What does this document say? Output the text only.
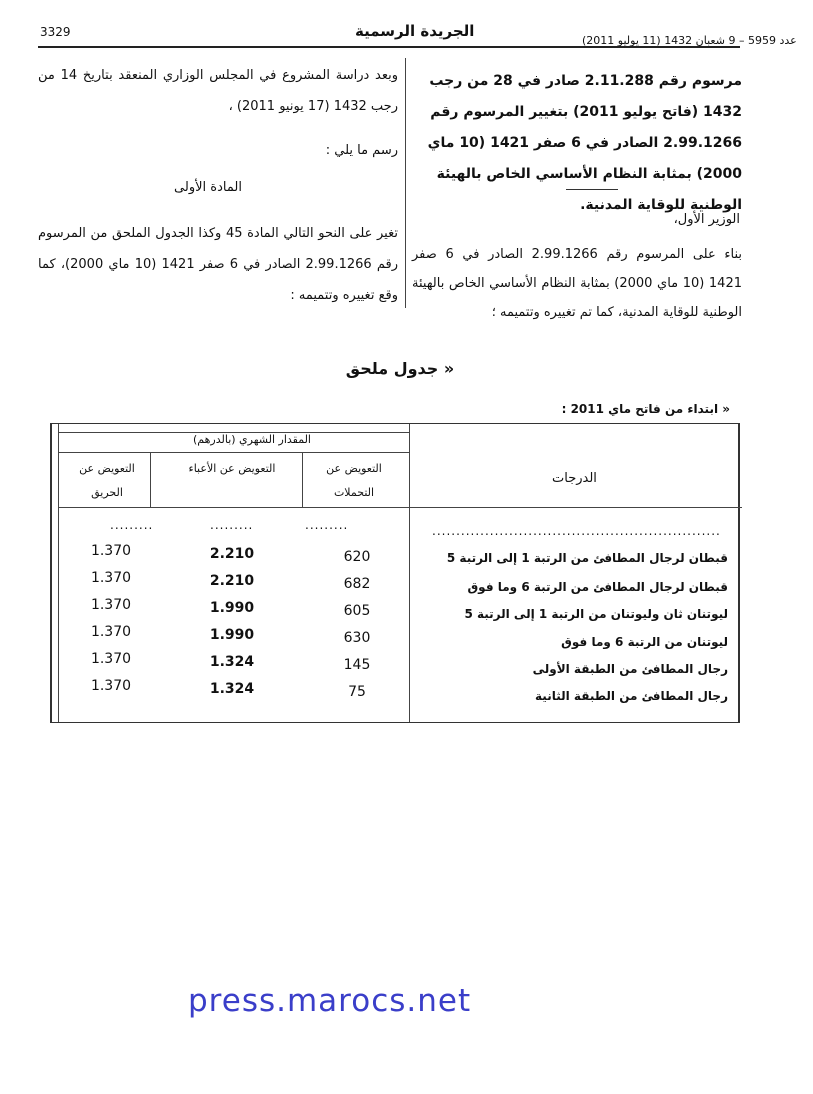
3329	الجريدة الرسمية
عدد 5959 – 9 شعبان 1432 (11 يوليو 2011)
مرسوم رقم 2.11.288 صادر في 28 من رجب 1432 (فاتح يوليو 2011) بتغيير المرسوم رقم 2.99.1266 الصادر في 6 صفر 1421 (10 ماي 2000) بمثابة النظام الأساسي الخاص بالهيئة الوطنية للوقاية المدنية.
الوزير الأول،
بناء على المرسوم رقم 2.99.1266 الصادر في 6 صفر 1421 (10 ماي 2000) بمثابة النظام الأساسي الخاص بالهيئة الوطنية للوقاية المدنية، كما تم تغييره وتتميمه ؛
وبعد دراسة المشروع في المجلس الوزاري المنعقد بتاريخ 14 من رجب 1432 (17 يونيو 2011) ،
رسم ما يلي :
المادة الأولى
تغير على النحو التالي المادة 45 وكذا الجدول الملحق من المرسوم رقم 2.99.1266 الصادر في 6 صفر 1421 (10 ماي 2000)، كما وقع تغييره وتتميمه :
« جدول ملحق
« ابتداء من فاتح ماي 2011 :
المقدار الشهري (بالدرهم)
الدرجات
التعويض عن التحملات
التعويض عن الأعباء
التعويض عن الحريق
............................................................
.........
.........
.........
قبطان لرجال المطافئ من الرتبة 1 إلى الرتبة 5
620
2.210
1.370
قبطان لرجال المطافئ من الرتبة 6 وما فوق
682
2.210
1.370
ليوتنان ثان وليوتنان من الرتبة 1 إلى الرتبة 5
605
1.990
1.370
ليوتنان من الرتبة 6 وما فوق
630
1.990
1.370
رجال المطافئ من الطبقة الأولى
145
1.324
1.370
رجال المطافئ من الطبقة الثانية
75
1.324
1.370
press.marocs.net
